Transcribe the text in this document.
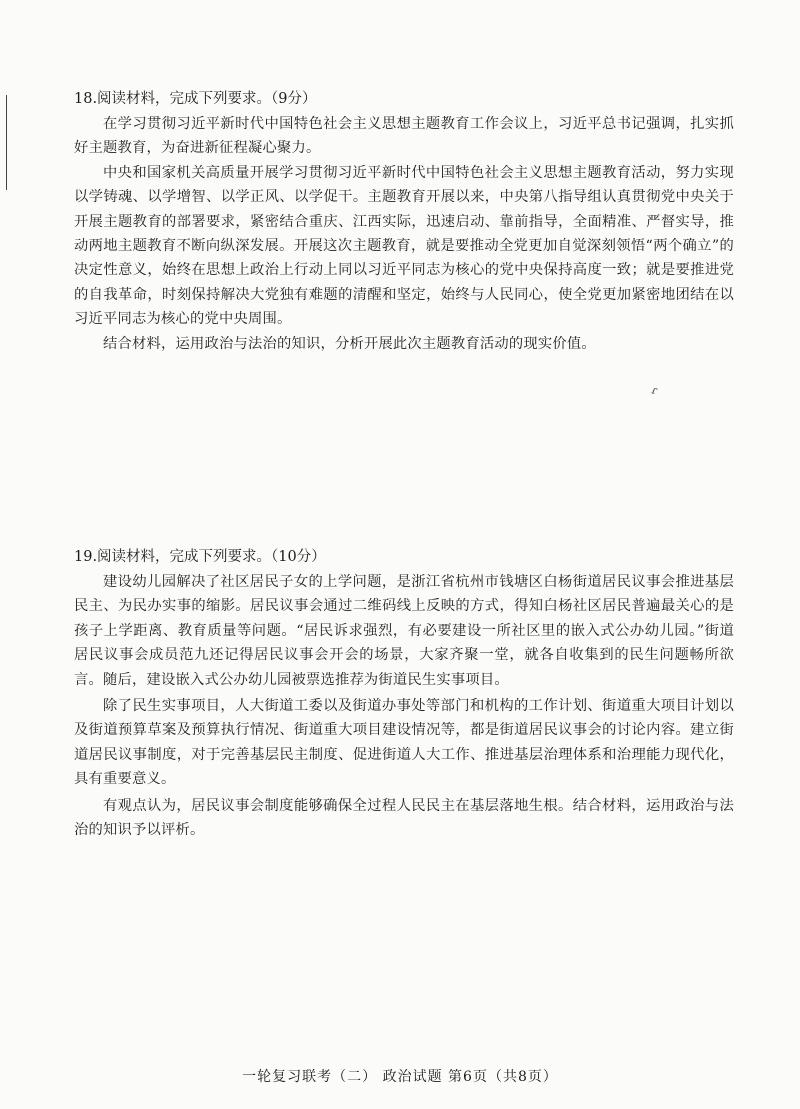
18.阅读材料，完成下列要求。（9分）

在学习贯彻习近平新时代中国特色社会主义思想主题教育工作会议上，习近平总书记强调，扎实抓好主题教育，为奋进新征程凝心聚力。

中央和国家机关高质量开展学习贯彻习近平新时代中国特色社会主义思想主题教育活动，努力实现以学铸魂、以学增智、以学正风、以学促干。主题教育开展以来，中央第八指导组认真贯彻党中央关于开展主题教育的部署要求，紧密结合重庆、江西实际，迅速启动、靠前指导，全面精准、严督实导，推动两地主题教育不断向纵深发展。开展这次主题教育，就是要推动全党更加自觉深刻领悟“两个确立”的决定性意义，始终在思想上政治上行动上同以习近平同志为核心的党中央保持高度一致；就是要推进党的自我革命，时刻保持解决大党独有难题的清醒和坚定，始终与人民同心，使全党更加紧密地团结在以习近平同志为核心的党中央周围。

结合材料，运用政治与法治的知识，分析开展此次主题教育活动的现实价值。

ɾ

19.阅读材料，完成下列要求。（10分）

建设幼儿园解决了社区居民子女的上学问题，是浙江省杭州市钱塘区白杨街道居民议事会推进基层民主、为民办实事的缩影。居民议事会通过二维码线上反映的方式，得知白杨社区居民普遍最关心的是孩子上学距离、教育质量等问题。“居民诉求强烈，有必要建设一所社区里的嵌入式公办幼儿园。”街道居民议事会成员范九还记得居民议事会开会的场景，大家齐聚一堂，就各自收集到的民生问题畅所欲言。随后，建设嵌入式公办幼儿园被票选推荐为街道民生实事项目。

除了民生实事项目，人大街道工委以及街道办事处等部门和机构的工作计划、街道重大项目计划以及街道预算草案及预算执行情况、街道重大项目建设情况等，都是街道居民议事会的讨论内容。建立街道居民议事制度，对于完善基层民主制度、促进街道人大工作、推进基层治理体系和治理能力现代化，具有重要意义。

有观点认为，居民议事会制度能够确保全过程人民民主在基层落地生根。结合材料，运用政治与法治的知识予以评析。

一轮复习联考（二） 政治试题 第6页（共8页）
